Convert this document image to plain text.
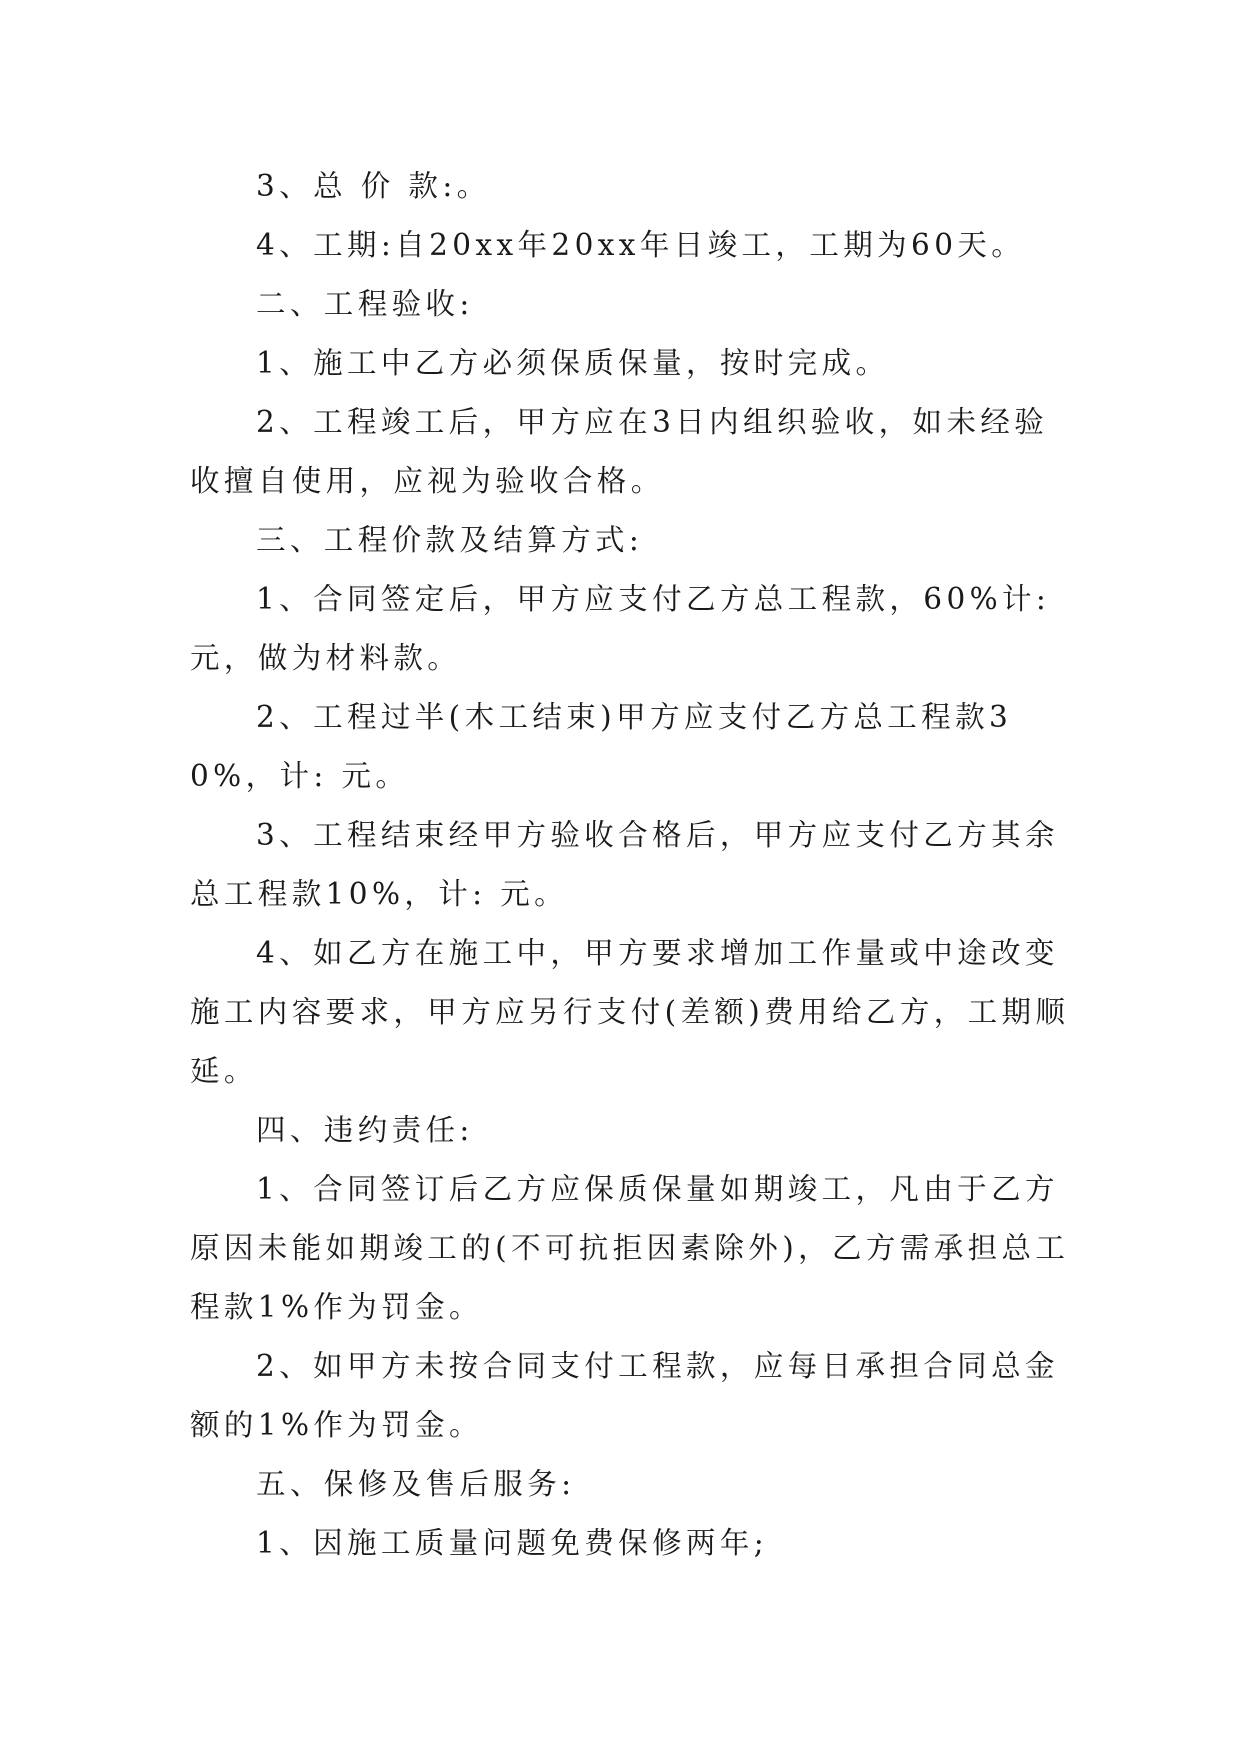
3、总 价 款:。

4、工期:自20xx年20xx年日竣工，工期为60天。

二、工程验收:

1、施工中乙方必须保质保量，按时完成。

2、工程竣工后，甲方应在3日内组织验收，如未经验收擅自使用，应视为验收合格。

三、工程价款及结算方式:

1、合同签定后，甲方应支付乙方总工程款，60%计:元，做为材料款。

2、工程过半(木工结束)甲方应支付乙方总工程款30%，计: 元。

3、工程结束经甲方验收合格后，甲方应支付乙方其余总工程款10%，计: 元。

4、如乙方在施工中，甲方要求增加工作量或中途改变施工内容要求，甲方应另行支付(差额)费用给乙方，工期顺延。

四、违约责任:

1、合同签订后乙方应保质保量如期竣工，凡由于乙方原因未能如期竣工的(不可抗拒因素除外)，乙方需承担总工程款1%作为罚金。

2、如甲方未按合同支付工程款，应每日承担合同总金额的1%作为罚金。

五、保修及售后服务:

1、因施工质量问题免费保修两年;
